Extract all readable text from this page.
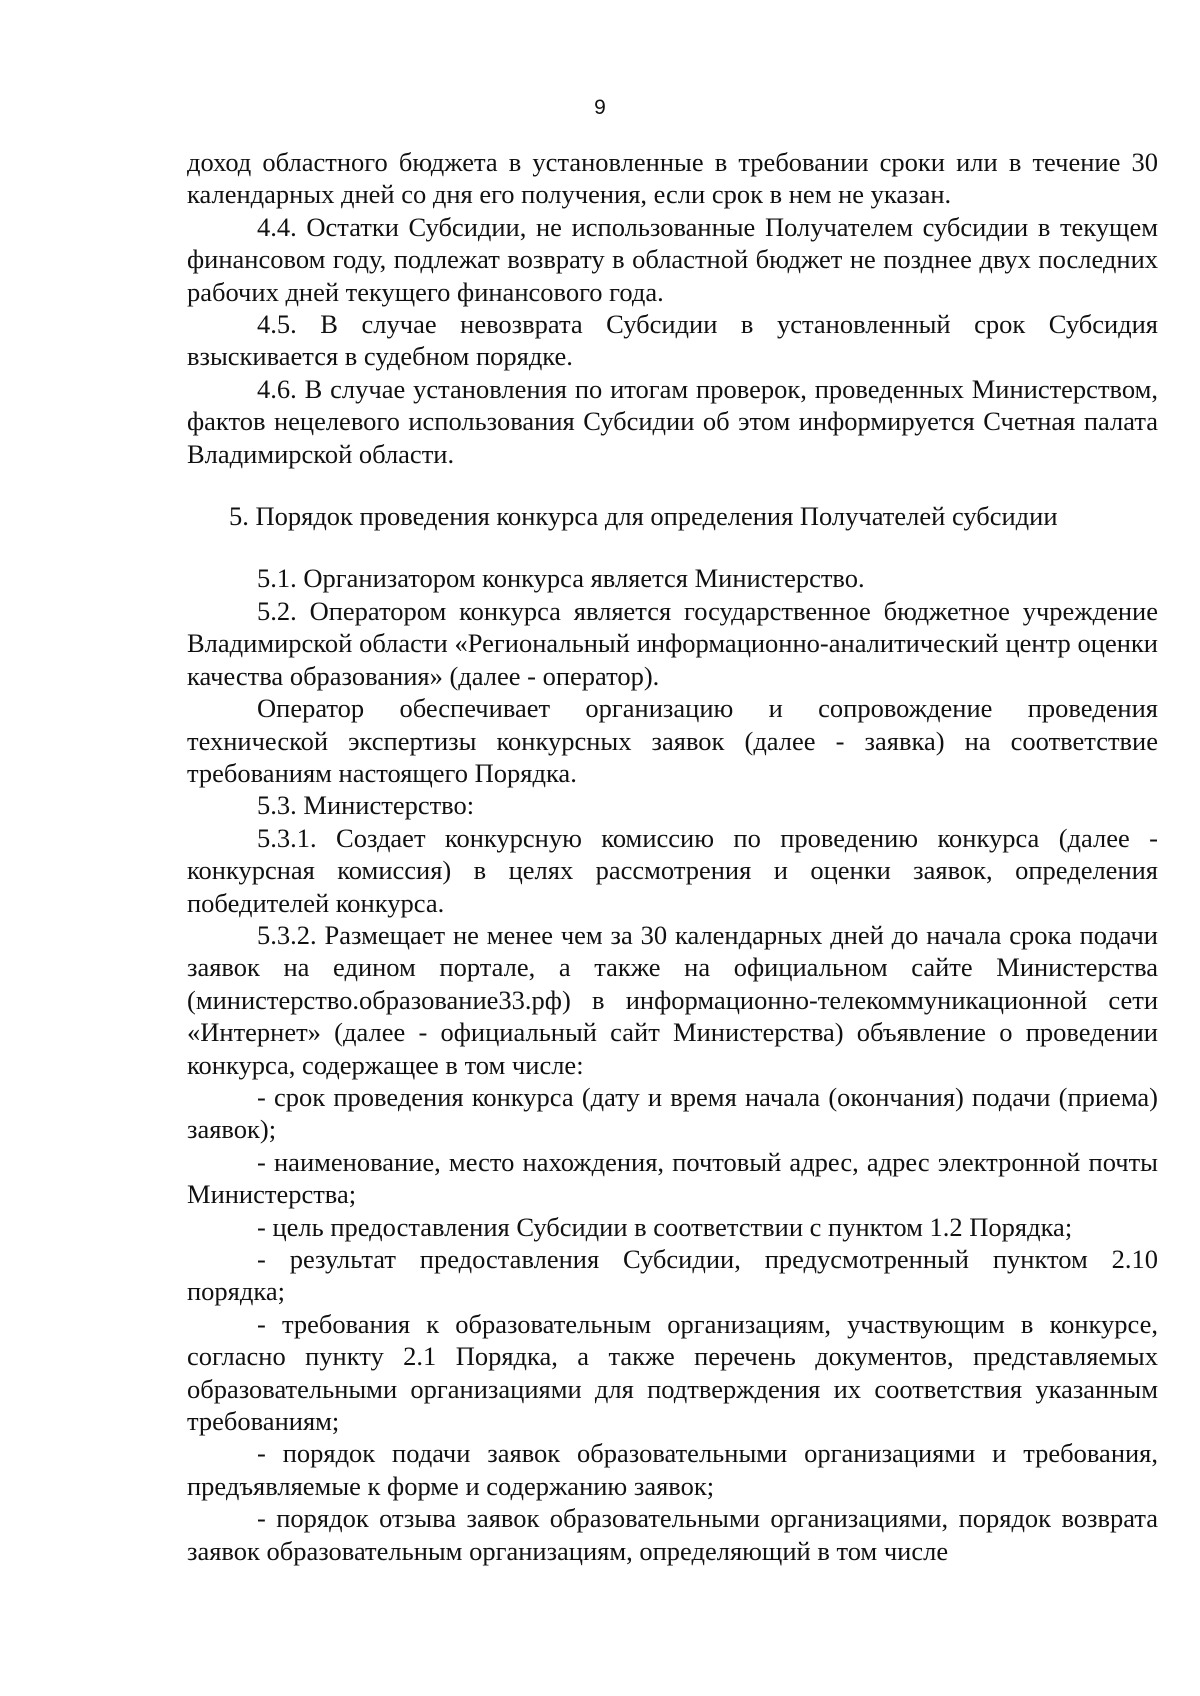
9

доход областного бюджета в установленные в требовании сроки или в течение 30 календарных дней со дня его получения, если срок в нем не указан.

4.4. Остатки Субсидии, не использованные Получателем субсидии в текущем финансовом году, подлежат возврату в областной бюджет не позднее двух последних рабочих дней текущего финансового года.

4.5. В случае невозврата Субсидии в установленный срок Субсидия взыскивается в судебном порядке.

4.6. В случае установления по итогам проверок, проведенных Министерством, фактов нецелевого использования Субсидии об этом информируется Счетная палата Владимирской области.

5. Порядок проведения конкурса для определения Получателей субсидии

5.1. Организатором конкурса является Министерство.

5.2. Оператором конкурса является государственное бюджетное учреждение Владимирской области «Региональный информационно-аналитический центр оценки качества образования» (далее - оператор).

Оператор обеспечивает организацию и сопровождение проведения технической экспертизы конкурсных заявок (далее - заявка) на соответствие требованиям настоящего Порядка.

5.3. Министерство:

5.3.1. Создает конкурсную комиссию по проведению конкурса (далее - конкурсная комиссия) в целях рассмотрения и оценки заявок, определения победителей конкурса.

5.3.2. Размещает не менее чем за 30 календарных дней до начала срока подачи заявок на едином портале, а также на официальном сайте Министерства (министерство.образование33.рф) в информационно-телекоммуникационной сети «Интернет» (далее - официальный сайт Министерства) объявление о проведении конкурса, содержащее в том числе:

- срок проведения конкурса (дату и время начала (окончания) подачи (приема) заявок);

- наименование, место нахождения, почтовый адрес, адрес электронной почты Министерства;

- цель предоставления Субсидии в соответствии с пунктом 1.2 Порядка;

- результат предоставления Субсидии, предусмотренный пунктом 2.10 порядка;

- требования к образовательным организациям, участвующим в конкурсе, согласно пункту 2.1 Порядка, а также перечень документов, представляемых образовательными организациями для подтверждения их соответствия указанным требованиям;

- порядок подачи заявок образовательными организациями и требования, предъявляемые к форме и содержанию заявок;

- порядок отзыва заявок образовательными организациями, порядок возврата заявок образовательным организациям, определяющий в том числе
